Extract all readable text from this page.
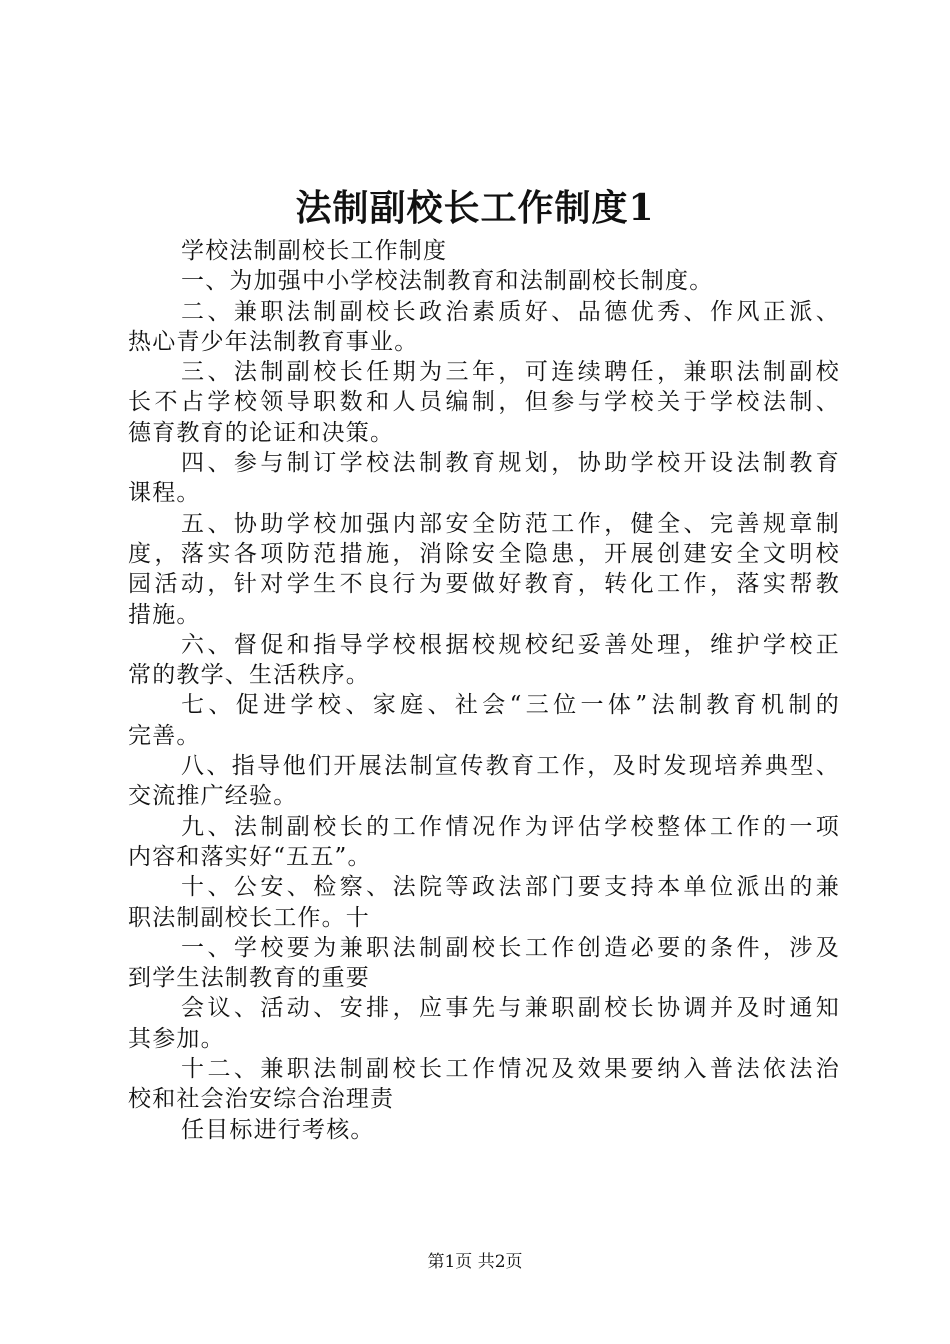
法制副校长工作制度1
学校法制副校长工作制度
一、为加强中小学校法制教育和法制副校长制度。
二、兼职法制副校长政治素质好、品德优秀、作风正派、
热心青少年法制教育事业。
三、法制副校长任期为三年，可连续聘任，兼职法制副校
长不占学校领导职数和人员编制，但参与学校关于学校法制、
德育教育的论证和决策。
四、参与制订学校法制教育规划，协助学校开设法制教育
课程。
五、协助学校加强内部安全防范工作，健全、完善规章制
度，落实各项防范措施，消除安全隐患，开展创建安全文明校
园活动，针对学生不良行为要做好教育，转化工作，落实帮教
措施。
六、督促和指导学校根据校规校纪妥善处理，维护学校正
常的教学、生活秩序。
七、促进学校、家庭、社会“三位一体”法制教育机制的
完善。
八、指导他们开展法制宣传教育工作，及时发现培养典型、
交流推广经验。
九、法制副校长的工作情况作为评估学校整体工作的一项
内容和落实好“五五”。
十、公安、检察、法院等政法部门要支持本单位派出的兼
职法制副校长工作。十
一、学校要为兼职法制副校长工作创造必要的条件，涉及
到学生法制教育的重要
会议、活动、安排，应事先与兼职副校长协调并及时通知
其参加。
十二、兼职法制副校长工作情况及效果要纳入普法依法治
校和社会治安综合治理责
任目标进行考核。
第1页 共2页
